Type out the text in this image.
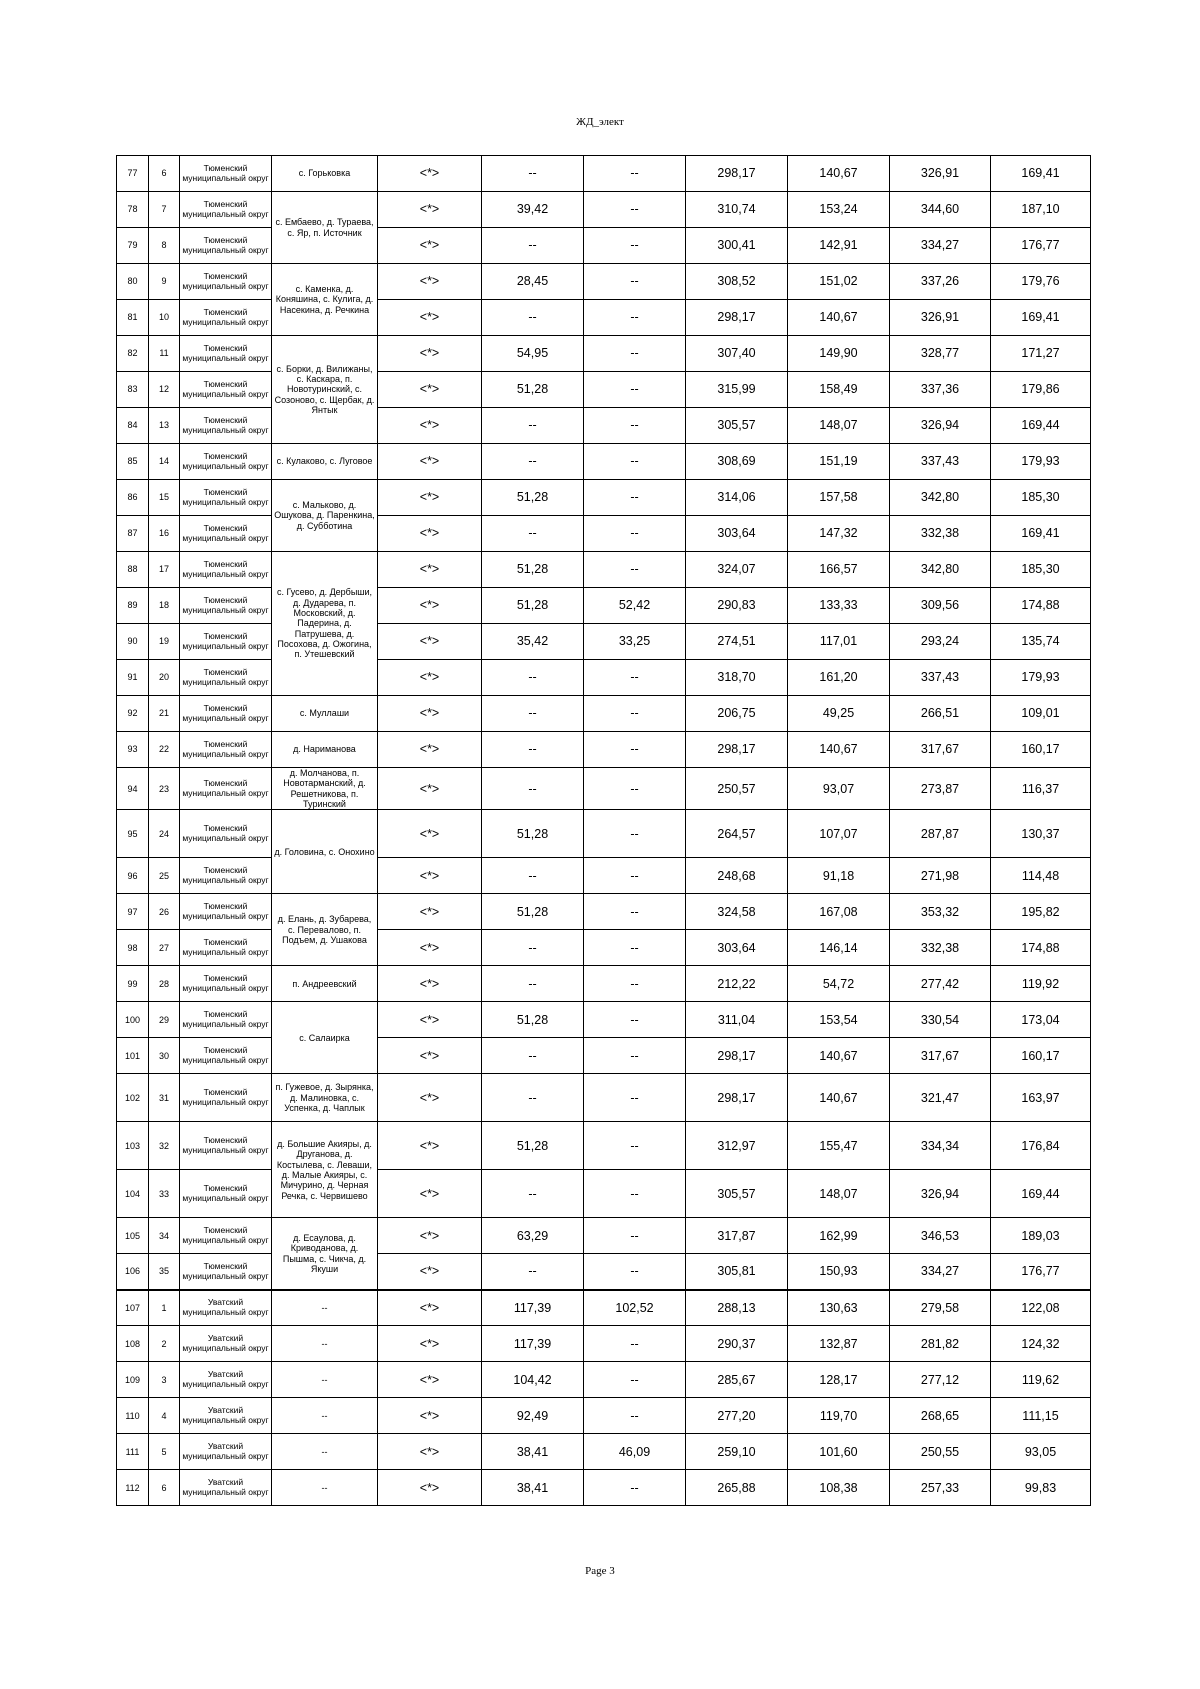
ЖД_элект
77	6	Тюменский муниципальный округ	с. Горьковка	<*>	--	--	298,17	140,67	326,91	169,41
78	7	Тюменский муниципальный округ	с. Ембаево, д. Тураева, с. Яр, п. Источник	<*>	39,42	--	310,74	153,24	344,60	187,10
79	8	Тюменский муниципальный округ		<*>	--	--	300,41	142,91	334,27	176,77
80	9	Тюменский муниципальный округ	с. Каменка, д. Коняшина, с. Кулига, д. Насекина, д. Речкина	<*>	28,45	--	308,52	151,02	337,26	179,76
81	10	Тюменский муниципальный округ		<*>	--	--	298,17	140,67	326,91	169,41
82	11	Тюменский муниципальный округ	с. Борки, д. Вилижаны, с. Каскара, п. Новотуринский, с. Созоново, с. Щербак, д. Янтык	<*>	54,95	--	307,40	149,90	328,77	171,27
83	12	Тюменский муниципальный округ		<*>	51,28	--	315,99	158,49	337,36	179,86
84	13	Тюменский муниципальный округ		<*>	--	--	305,57	148,07	326,94	169,44
85	14	Тюменский муниципальный округ	с. Кулаково, с. Луговое	<*>	--	--	308,69	151,19	337,43	179,93
86	15	Тюменский муниципальный округ	с. Мальково, д. Ошукова, д. Паренкина, д. Субботина	<*>	51,28	--	314,06	157,58	342,80	185,30
87	16	Тюменский муниципальный округ		<*>	--	--	303,64	147,32	332,38	169,41
88	17	Тюменский муниципальный округ	с. Гусево, д. Дербыши, д. Дударева, п. Московский, д. Падерина, д. Патрушева, д. Посохова, д. Ожогина, п. Утешевский	<*>	51,28	--	324,07	166,57	342,80	185,30
89	18	Тюменский муниципальный округ		<*>	51,28	52,42	290,83	133,33	309,56	174,88
90	19	Тюменский муниципальный округ		<*>	35,42	33,25	274,51	117,01	293,24	135,74
91	20	Тюменский муниципальный округ		<*>	--	--	318,70	161,20	337,43	179,93
92	21	Тюменский муниципальный округ	с. Муллаши	<*>	--	--	206,75	49,25	266,51	109,01
93	22	Тюменский муниципальный округ	д. Нариманова	<*>	--	--	298,17	140,67	317,67	160,17
94	23	Тюменский муниципальный округ	д. Молчанова, п. Новотарманский, д. Решетникова, п. Туринский	<*>	--	--	250,57	93,07	273,87	116,37
95	24	Тюменский муниципальный округ	д. Головина, с. Онохино	<*>	51,28	--	264,57	107,07	287,87	130,37
96	25	Тюменский муниципальный округ		<*>	--	--	248,68	91,18	271,98	114,48
97	26	Тюменский муниципальный округ	д. Елань, д. Зубарева, с. Перевалово, п. Подъем, д. Ушакова	<*>	51,28	--	324,58	167,08	353,32	195,82
98	27	Тюменский муниципальный округ		<*>	--	--	303,64	146,14	332,38	174,88
99	28	Тюменский муниципальный округ	п. Андреевский	<*>	--	--	212,22	54,72	277,42	119,92
100	29	Тюменский муниципальный округ	с. Салаирка	<*>	51,28	--	311,04	153,54	330,54	173,04
101	30	Тюменский муниципальный округ		<*>	--	--	298,17	140,67	317,67	160,17
102	31	Тюменский муниципальный округ	п. Гужевое, д. Зырянка, д. Малиновка, с. Успенка, д. Чаплык	<*>	--	--	298,17	140,67	321,47	163,97
103	32	Тюменский муниципальный округ	д. Большие Акияры, д. Друганова, д. Костылева, с. Леваши, д. Малые Акияры, с. Мичурино, д. Черная Речка, с. Червишево	<*>	51,28	--	312,97	155,47	334,34	176,84
104	33	Тюменский муниципальный округ		<*>	--	--	305,57	148,07	326,94	169,44
105	34	Тюменский муниципальный округ	д. Есаулова, д. Криводанова, д. Пышма, с. Чикча, д. Якуши	<*>	63,29	--	317,87	162,99	346,53	189,03
106	35	Тюменский муниципальный округ		<*>	--	--	305,81	150,93	334,27	176,77
107	1	Уватский муниципальный округ	--	<*>	117,39	102,52	288,13	130,63	279,58	122,08
108	2	Уватский муниципальный округ	--	<*>	117,39	--	290,37	132,87	281,82	124,32
109	3	Уватский муниципальный округ	--	<*>	104,42	--	285,67	128,17	277,12	119,62
110	4	Уватский муниципальный округ	--	<*>	92,49	--	277,20	119,70	268,65	111,15
111	5	Уватский муниципальный округ	--	<*>	38,41	46,09	259,10	101,60	250,55	93,05
112	6	Уватский муниципальный округ	--	<*>	38,41	--	265,88	108,38	257,33	99,83
Page 3
